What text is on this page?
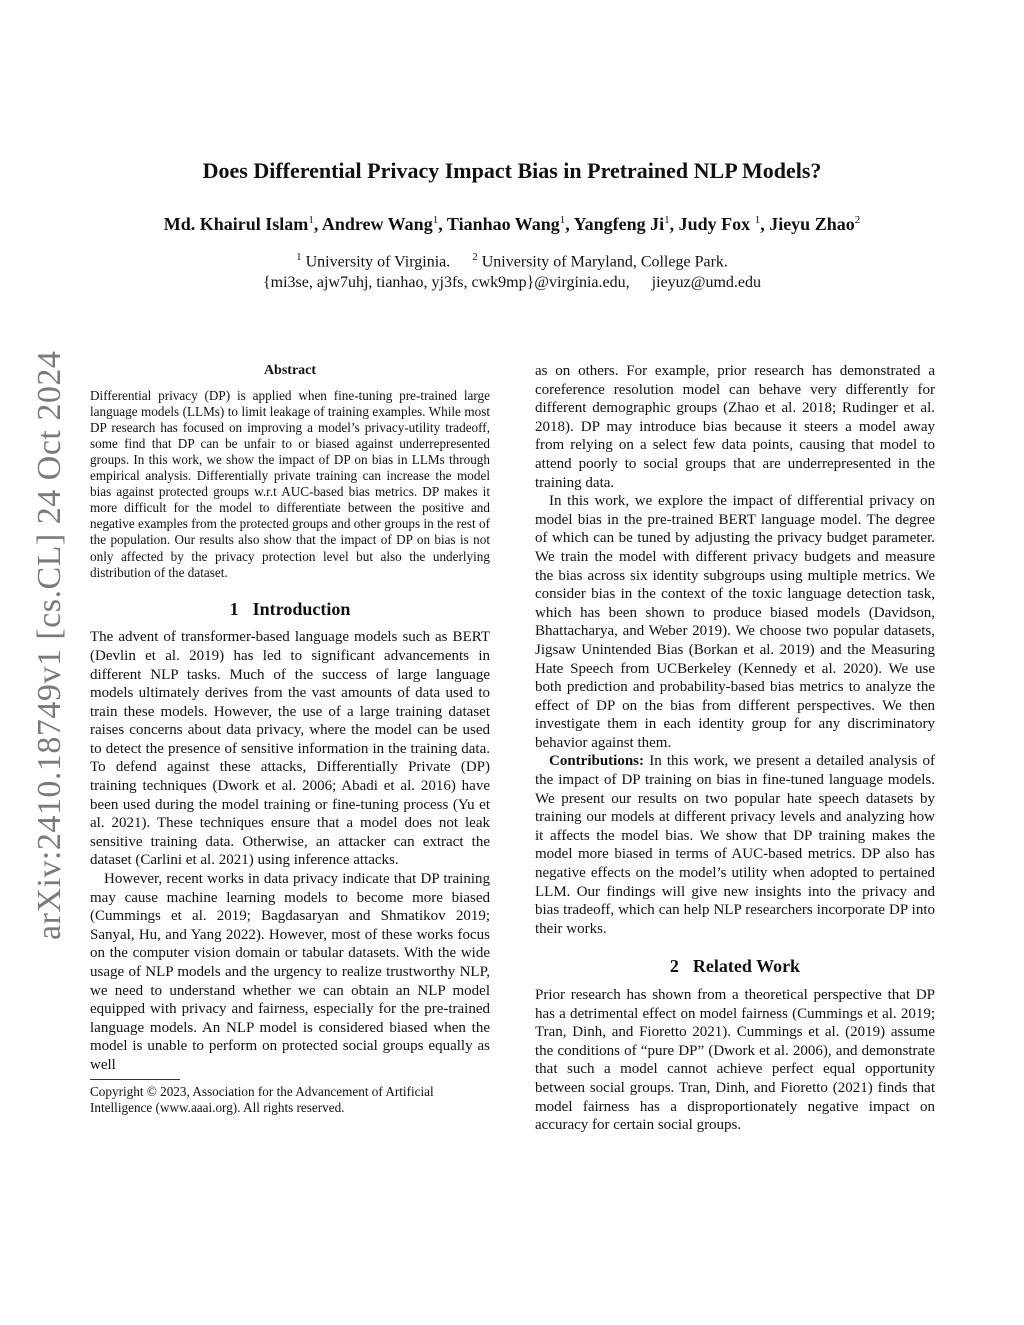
arXiv:2410.18749v1 [cs.CL] 24 Oct 2024
Does Differential Privacy Impact Bias in Pretrained NLP Models?
Md. Khairul Islam$^1$, Andrew Wang$^1$, Tianhao Wang$^1$, Yangfeng Ji$^1$, Judy Fox $^1$, Jieyu Zhao$^2$
$^1$ University of Virginia. $^2$ University of Maryland, College Park.
{mi3se, ajw7uhj, tianhao, yj3fs, cwk9mp}@virginia.edu, jieyuz@umd.edu
Abstract

Differential privacy (DP) is applied when fine-tuning pre-trained large language models (LLMs) to limit leakage of training examples. While most DP research has focused on improving a model’s privacy-utility tradeoff, some find that DP can be unfair to or biased against underrepresented groups. In this work, we show the impact of DP on bias in LLMs through empirical analysis. Differentially private training can increase the model bias against protected groups w.r.t AUC-based bias metrics. DP makes it more difficult for the model to differentiate between the positive and negative examples from the protected groups and other groups in the rest of the population. Our results also show that the impact of DP on bias is not only affected by the privacy protection level but also the underlying distribution of the dataset.

1 Introduction

The advent of transformer-based language models such as BERT (Devlin et al. 2019) has led to significant advancements in different NLP tasks. Much of the success of large language models ultimately derives from the vast amounts of data used to train these models. However, the use of a large training dataset raises concerns about data privacy, where the model can be used to detect the presence of sensitive information in the training data. To defend against these attacks, Differentially Private (DP) training techniques (Dwork et al. 2006; Abadi et al. 2016) have been used during the model training or fine-tuning process (Yu et al. 2021). These techniques ensure that a model does not leak sensitive training data. Otherwise, an attacker can extract the dataset (Carlini et al. 2021) using inference attacks.

However, recent works in data privacy indicate that DP training may cause machine learning models to become more biased (Cummings et al. 2019; Bagdasaryan and Shmatikov 2019; Sanyal, Hu, and Yang 2022). However, most of these works focus on the computer vision domain or tabular datasets. With the wide usage of NLP models and the urgency to realize trustworthy NLP, we need to understand whether we can obtain an NLP model equipped with privacy and fairness, especially for the pre-trained language models. An NLP model is considered biased when the model is unable to perform on protected social groups equally as well

Copyright © 2023, Association for the Advancement of Artificial Intelligence (www.aaai.org). All rights reserved.

as on others. For example, prior research has demonstrated a coreference resolution model can behave very differently for different demographic groups (Zhao et al. 2018; Rudinger et al. 2018). DP may introduce bias because it steers a model away from relying on a select few data points, causing that model to attend poorly to social groups that are underrepresented in the training data.

In this work, we explore the impact of differential privacy on model bias in the pre-trained BERT language model. The degree of which can be tuned by adjusting the privacy budget parameter. We train the model with different privacy budgets and measure the bias across six identity subgroups using multiple metrics. We consider bias in the context of the toxic language detection task, which has been shown to produce biased models (Davidson, Bhattacharya, and Weber 2019). We choose two popular datasets, Jigsaw Unintended Bias (Borkan et al. 2019) and the Measuring Hate Speech from UCBerkeley (Kennedy et al. 2020). We use both prediction and probability-based bias metrics to analyze the effect of DP on the bias from different perspectives. We then investigate them in each identity group for any discriminatory behavior against them.

Contributions: In this work, we present a detailed analysis of the impact of DP training on bias in fine-tuned language models. We present our results on two popular hate speech datasets by training our models at different privacy levels and analyzing how it affects the model bias. We show that DP training makes the model more biased in terms of AUC-based metrics. DP also has negative effects on the model’s utility when adopted to pertained LLM. Our findings will give new insights into the privacy and bias tradeoff, which can help NLP researchers incorporate DP into their works.

2 Related Work

Prior research has shown from a theoretical perspective that DP has a detrimental effect on model fairness (Cummings et al. 2019; Tran, Dinh, and Fioretto 2021). Cummings et al. (2019) assume the conditions of “pure DP” (Dwork et al. 2006), and demonstrate that such a model cannot achieve perfect equal opportunity between social groups. Tran, Dinh, and Fioretto (2021) finds that model fairness has a disproportionately negative impact on accuracy for certain social groups.
